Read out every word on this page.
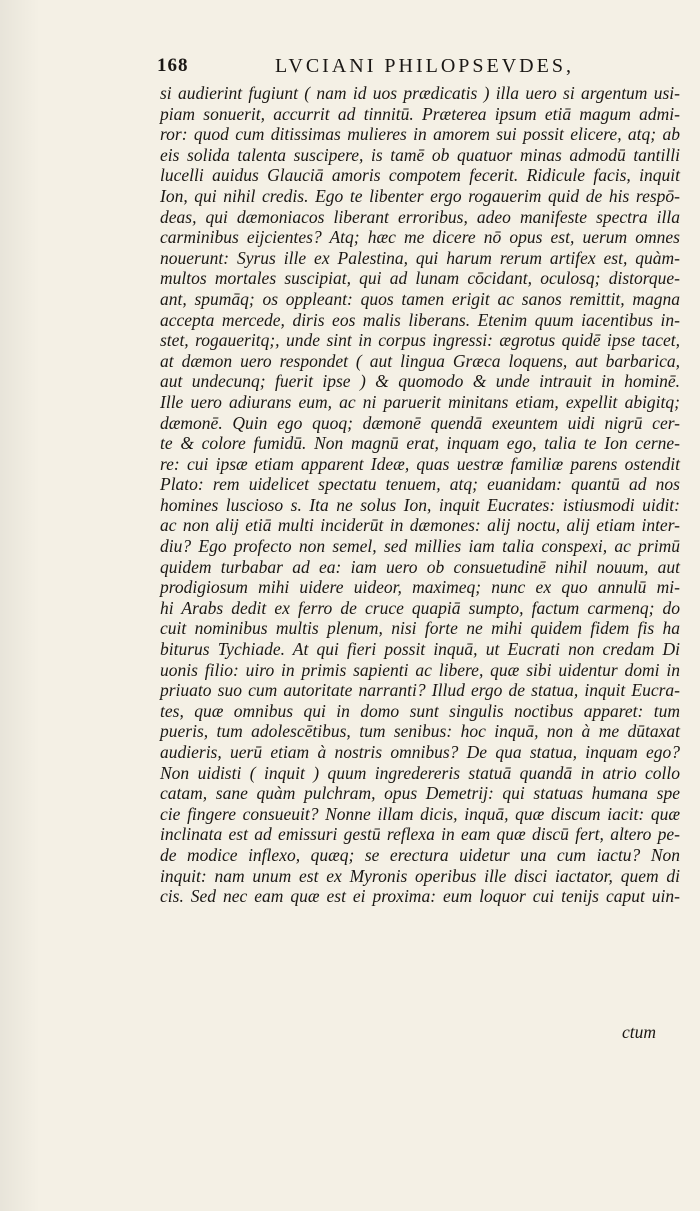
168	LVCIANI PHILOPSEVDES,
si audierint fugiunt ( nam id uos prædicatis ) illa uero si argentum usi-
piam sonuerit, accurrit ad tinnitū. Præterea ipsum etiā magum admi-
ror: quod cum ditissimas mulieres in amorem sui possit elicere, atq; ab
eis solida talenta suscipere, is tamē ob quatuor minas admodū tantilli
lucelli auidus Glauciā amoris compotem fecerit. Ridicule facis, inquit
Ion, qui nihil credis. Ego te libenter ergo rogauerim quid de his respō-
deas, qui dæmoniacos liberant erroribus, adeo manifeste spectra illa
carminibus eijcientes? Atq; hæc me dicere nō opus est, uerum omnes
nouerunt: Syrus ille ex Palestina, qui harum rerum artifex est, quàm-
multos mortales suscipiat, qui ad lunam cōcidant, oculosq; distorque-
ant, spumāq; os oppleant: quos tamen erigit ac sanos remittit, magna
accepta mercede, diris eos malis liberans. Etenim quum iacentibus in-
stet, rogaueritq;, unde sint in corpus ingressi: ægrotus quidē ipse tacet,
at dæmon uero respondet ( aut lingua Græca loquens, aut barbarica,
aut undecunq; fuerit ipse ) & quomodo & unde intrauit in hominē.
Ille uero adiurans eum, ac ni paruerit minitans etiam, expellit abigitq;
dæmonē. Quin ego quoq; dæmonē quendā exeuntem uidi nigrū cer-
te & colore fumidū. Non magnū erat, inquam ego, talia te Ion cerne-
re: cui ipsæ etiam apparent Ideæ, quas uestræ familiæ parens ostendit
Plato: rem uidelicet spectatu tenuem, atq; euanidam: quantū ad nos
homines luscioso s. Ita ne solus Ion, inquit Eucrates: istiusmodi uidit:
ac non alij etiā multi inciderūt in dæmones: alij noctu, alij etiam inter-
diu? Ego profecto non semel, sed millies iam talia conspexi, ac primū
quidem turbabar ad ea: iam uero ob consuetudinē nihil nouum, aut
prodigiosum mihi uidere uideor, maximeq; nunc ex quo annulū mi-
hi Arabs dedit ex ferro de cruce quapiā sumpto, factum carmenq; do
cuit nominibus multis plenum, nisi forte ne mihi quidem fidem fis ha
biturus Tychiade. At qui fieri possit inquā, ut Eucrati non credam Di
uonis filio: uiro in primis sapienti ac libere, quæ sibi uidentur domi in
priuato suo cum autoritate narranti? Illud ergo de statua, inquit Eucra-
tes, quæ omnibus qui in domo sunt singulis noctibus apparet: tum
pueris, tum adolescētibus, tum senibus: hoc inquā, non à me dūtaxat
audieris, uerū etiam à nostris omnibus? De qua statua, inquam ego?
Non uidisti ( inquit ) quum ingredereris statuā quandā in atrio collo
catam, sane quàm pulchram, opus Demetrij: qui statuas humana spe
cie fingere consueuit? Nonne illam dicis, inquā, quæ discum iacit: quæ
inclinata est ad emissuri gestū reflexa in eam quæ discū fert, altero pe-
de modice inflexo, quæq; se erectura uidetur una cum iactu? Non
inquit: nam unum est ex Myronis operibus ille disci iactator, quem di
cis. Sed nec eam quæ est ei proxima: eum loquor cui tenijs caput uin-
ctum
